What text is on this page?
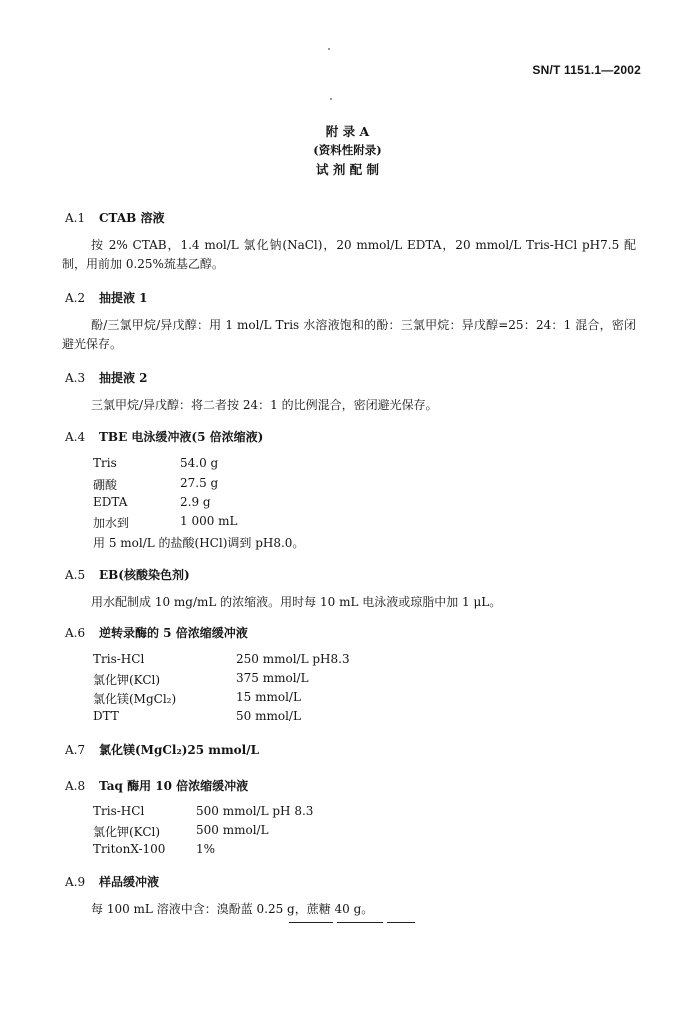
SN/T 1151.1—2002
附 录 A
(资料性附录)
试 剂 配 制
A.1 CTAB 溶液
按 2% CTAB，1.4 mol/L 氯化钠(NaCl)，20 mmol/L EDTA，20 mmol/L Tris-HCl pH7.5 配制，用前加 0.25%巯基乙醇。
A.2 抽提液 1
酚/三氯甲烷/异戊醇：用 1 mol/L Tris 水溶液饱和的酚：三氯甲烷：异戊醇=25：24：1 混合，密闭避光保存。
A.3 抽提液 2
三氯甲烷/异戊醇：将二者按 24：1 的比例混合，密闭避光保存。
A.4 TBE 电泳缓冲液(5 倍浓缩液)
Tris	54.0 g
硼酸	27.5 g
EDTA	2.9 g
加水到	1 000 mL
用 5 mol/L 的盐酸(HCl)调到 pH8.0。
A.5 EB(核酸染色剂)
用水配制成 10 mg/mL 的浓缩液。用时每 10 mL 电泳液或琼脂中加 1 μL。
A.6 逆转录酶的 5 倍浓缩缓冲液
Tris-HCl	250 mmol/L pH8.3
氯化钾(KCl)	375 mmol/L
氯化镁(MgCl₂)	15 mmol/L
DTT	50 mmol/L
A.7 氯化镁(MgCl₂)25 mmol/L
A.8 Taq 酶用 10 倍浓缩缓冲液
Tris-HCl	500 mmol/L pH 8.3
氯化钾(KCl)	500 mmol/L
TritonX-100	1%
A.9 样品缓冲液
每 100 mL 溶液中含：溴酚蓝 0.25 g，蔗糖 40 g。
